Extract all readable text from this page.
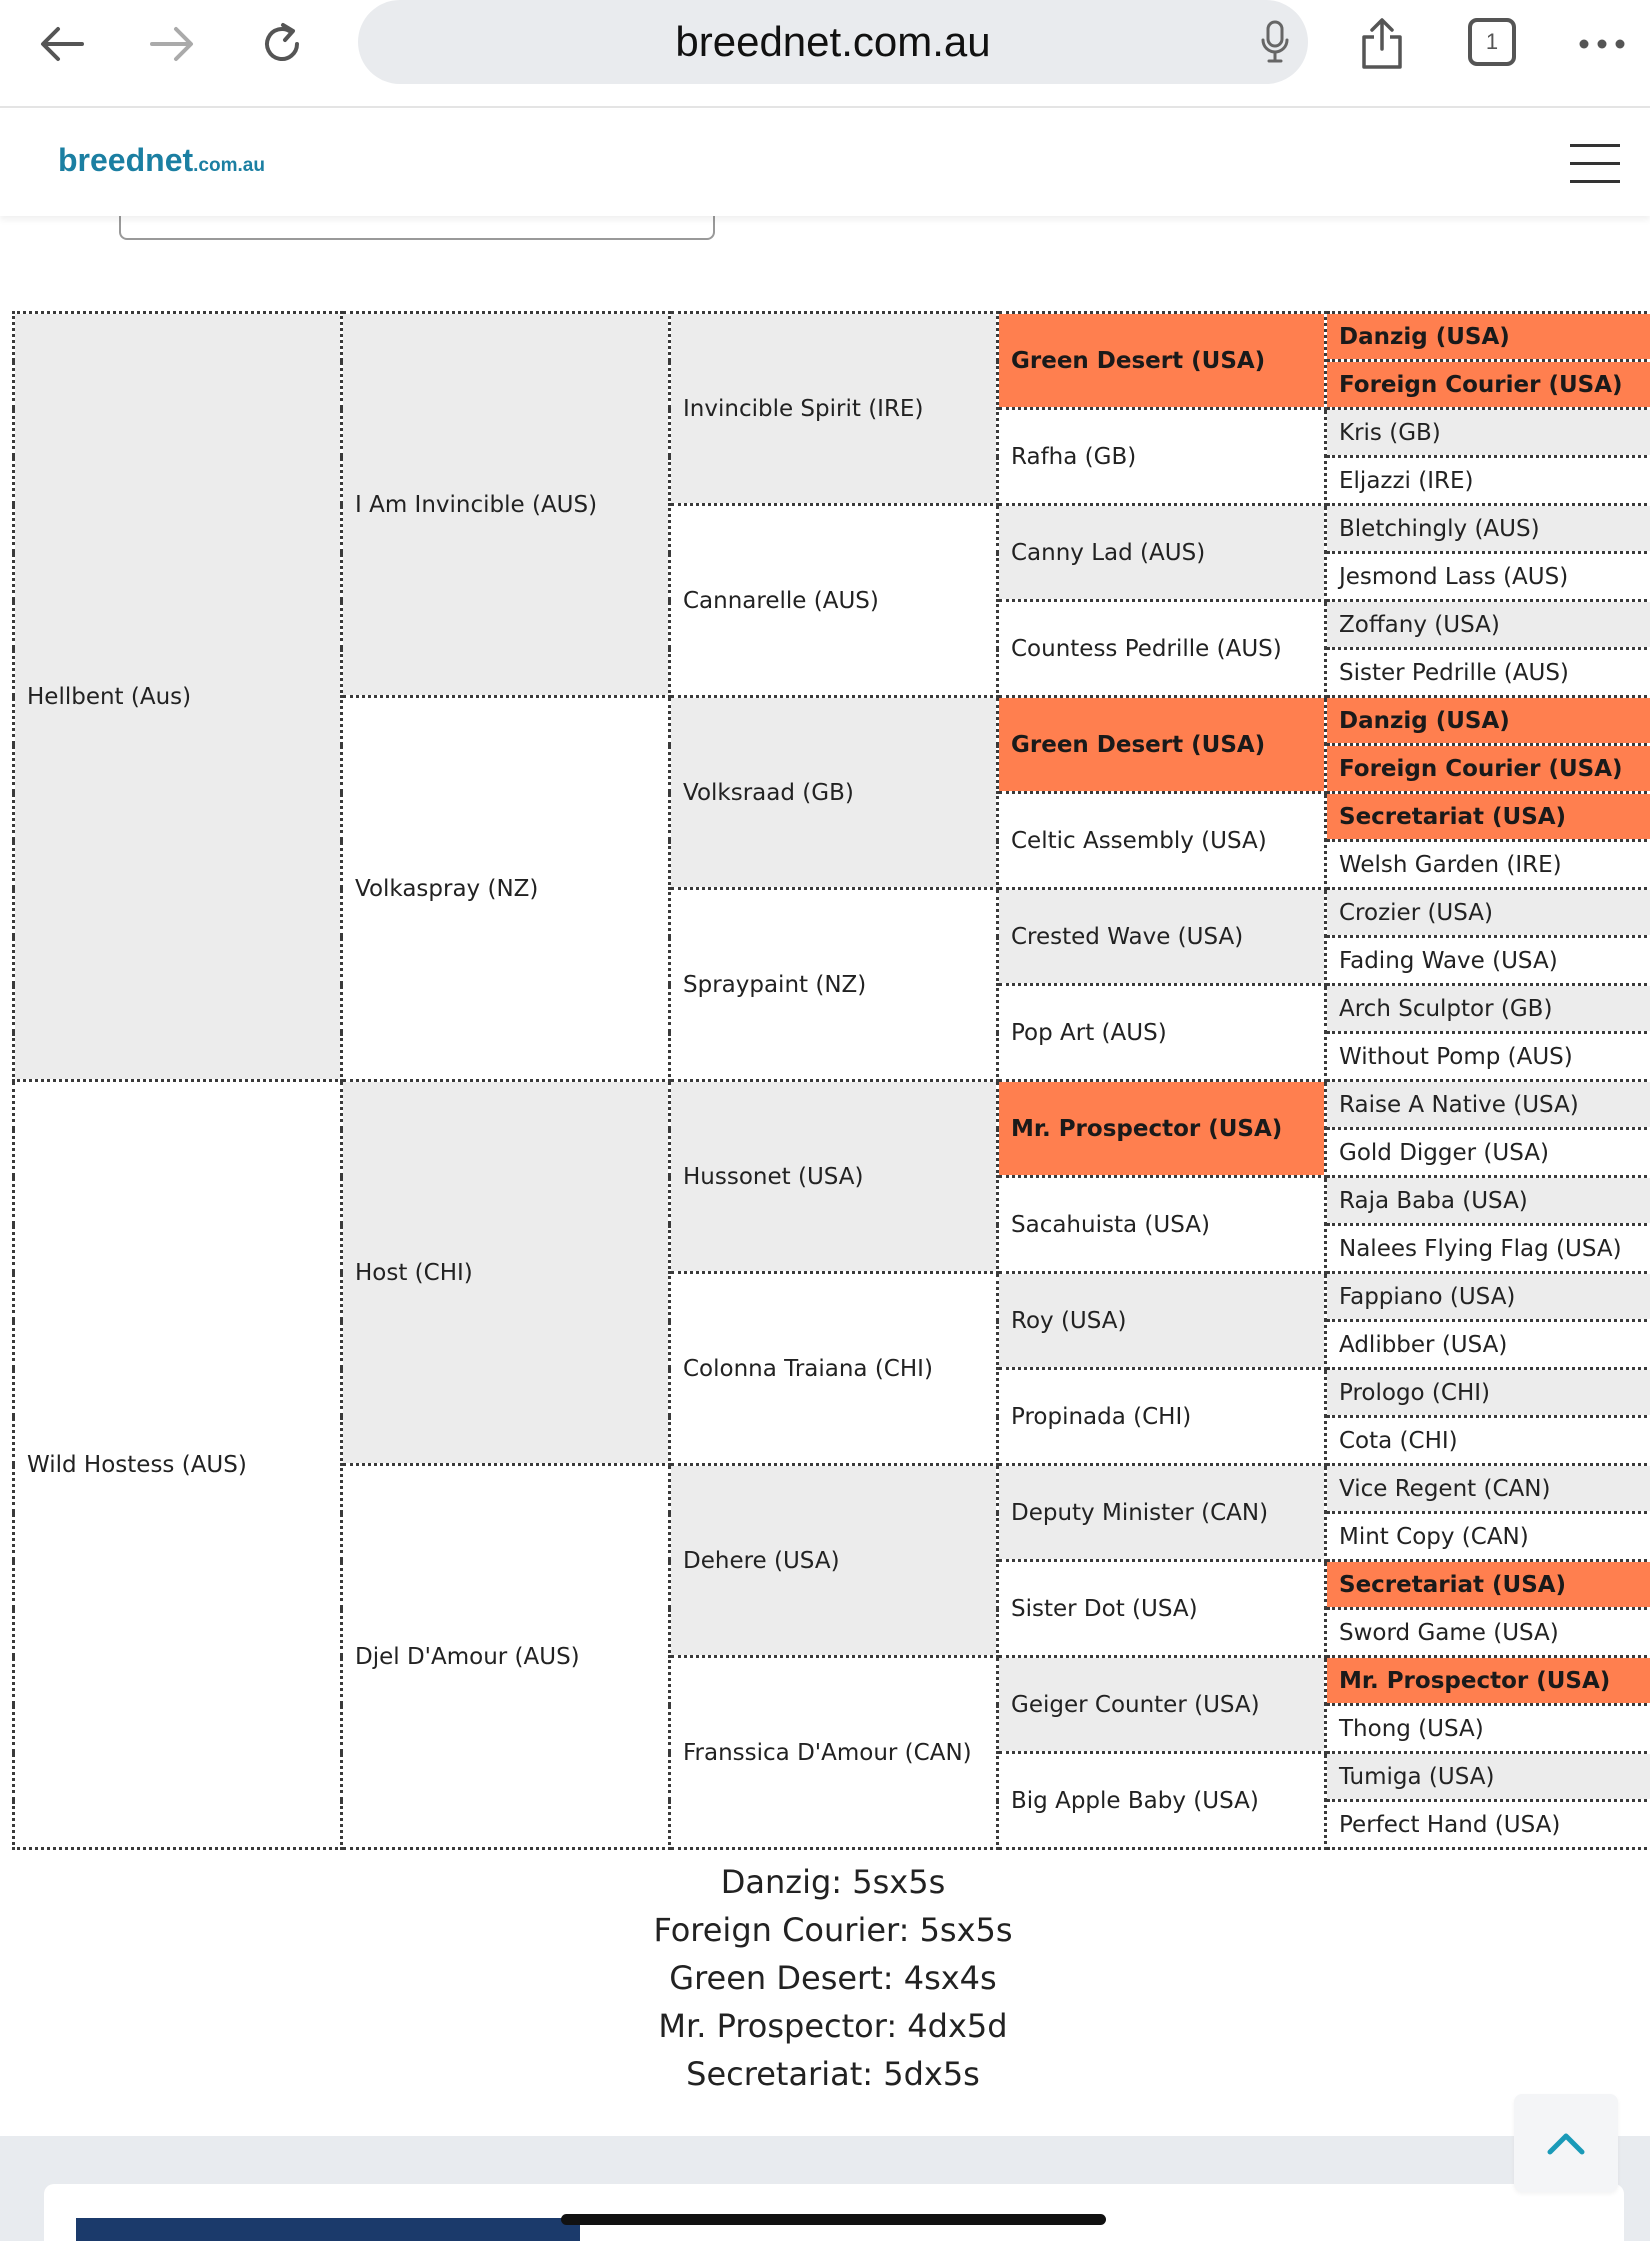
breednet.com.au	1
breednet.com.au
Hellbent (Aus)	I Am Invincible (AUS)	Invincible Spirit (IRE)	Green Desert (USA)	Danzig (USA)
				Foreign Courier (USA)
			Rafha (GB)	Kris (GB)
				Eljazzi (IRE)
		Cannarelle (AUS)	Canny Lad (AUS)	Bletchingly (AUS)
				Jesmond Lass (AUS)
			Countess Pedrille (AUS)	Zoffany (USA)
				Sister Pedrille (AUS)
	Volkaspray (NZ)	Volksraad (GB)	Green Desert (USA)	Danzig (USA)
				Foreign Courier (USA)
			Celtic Assembly (USA)	Secretariat (USA)
				Welsh Garden (IRE)
		Spraypaint (NZ)	Crested Wave (USA)	Crozier (USA)
				Fading Wave (USA)
			Pop Art (AUS)	Arch Sculptor (GB)
				Without Pomp (AUS)
Wild Hostess (AUS)	Host (CHI)	Hussonet (USA)	Mr. Prospector (USA)	Raise A Native (USA)
				Gold Digger (USA)
			Sacahuista (USA)	Raja Baba (USA)
				Nalees Flying Flag (USA)
		Colonna Traiana (CHI)	Roy (USA)	Fappiano (USA)
				Adlibber (USA)
			Propinada (CHI)	Prologo (CHI)
				Cota (CHI)
	Djel D'Amour (AUS)	Dehere (USA)	Deputy Minister (CAN)	Vice Regent (CAN)
				Mint Copy (CAN)
			Sister Dot (USA)	Secretariat (USA)
				Sword Game (USA)
		Franssica D'Amour (CAN)	Geiger Counter (USA)	Mr. Prospector (USA)
				Thong (USA)
			Big Apple Baby (USA)	Tumiga (USA)
				Perfect Hand (USA)
Danzig: 5sx5s
Foreign Courier: 5sx5s
Green Desert: 4sx4s
Mr. Prospector: 4dx5d
Secretariat: 5dx5s
